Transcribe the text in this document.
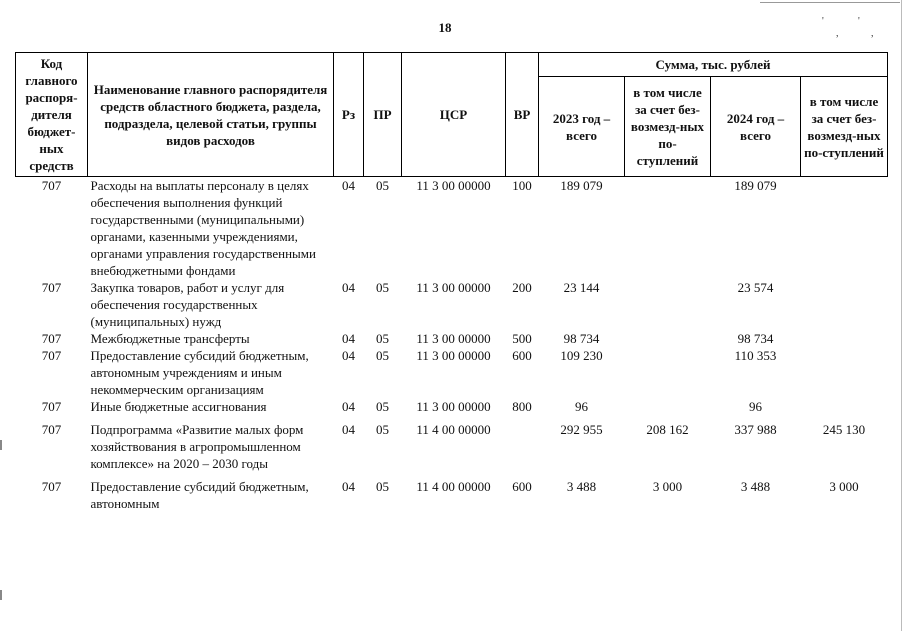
'	'
,	,
18
Код главного распоря-дителя бюджет-ных средств	Наименование главного распорядителя средств областного бюджета, раздела, подраздела, целевой статьи, группы видов расходов	Рз	ПР	ЦСР	ВР	Сумма, тыс. рублей			
						2023 год – всего	в том числе за счет без-возмезд-ных по-ступлений	2024 год – всего	в том числе за счет без-возмезд-ных по-ступлений
707	Расходы на выплаты персоналу в целях обеспечения выполнения функций государственными (муниципальными) органами, казенными учреждениями, органами управления государственными внебюджетными фондами	04	05	11 3 00 00000	100	189 079		189 079	
707	Закупка товаров, работ и услуг для обеспечения государственных (муниципальных) нужд	04	05	11 3 00 00000	200	23 144		23 574	
707	Межбюджетные трансферты	04	05	11 3 00 00000	500	98 734		98 734	
707	Предоставление субсидий бюджетным, автономным учреждениям и иным некоммерческим организациям	04	05	11 3 00 00000	600	109 230		110 353	
707	Иные бюджетные ассигнования	04	05	11 3 00 00000	800	96		96	
707	Подпрограмма «Развитие малых форм хозяйствования в агропромышленном комплексе» на 2020 – 2030 годы	04	05	11 4 00 00000		292 955	208 162	337 988	245 130
707	Предоставление субсидий бюджетным, автономным	04	05	11 4 00 00000	600	3 488	3 000	3 488	3 000
